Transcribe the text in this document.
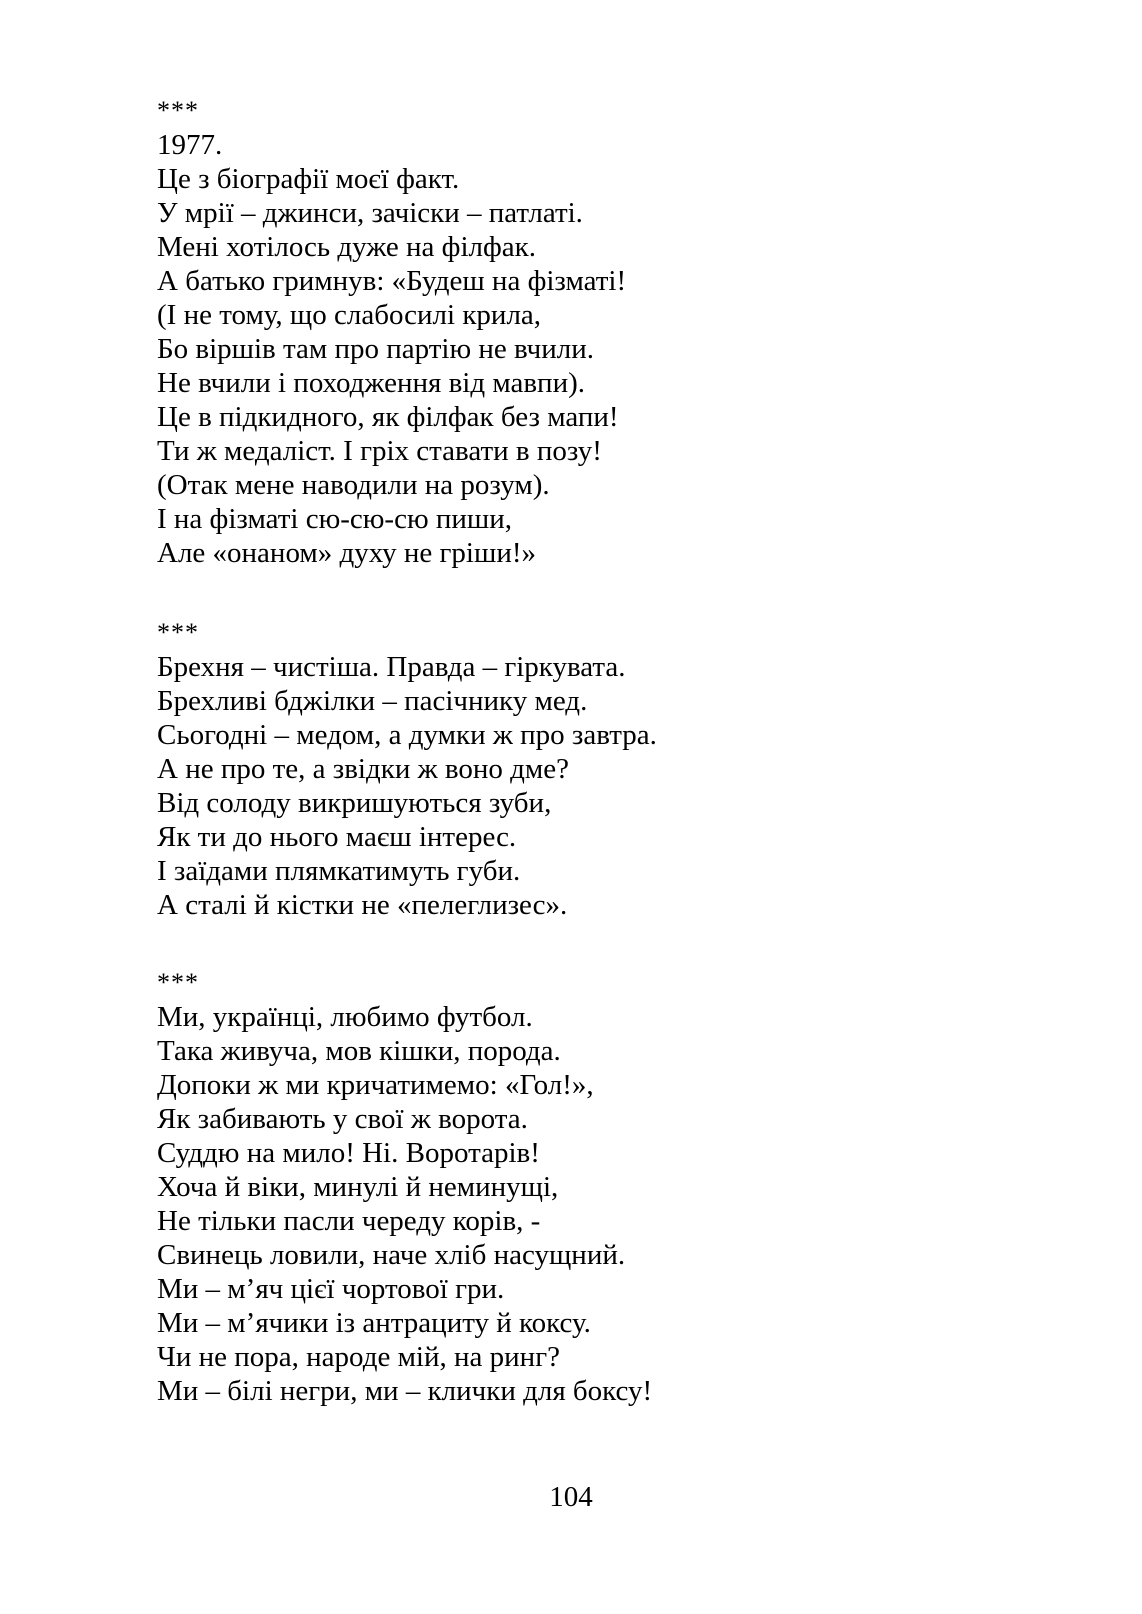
***
1977.
Це з біографії моєї факт.
У мрії – джинси, зачіски – патлаті.
Мені хотілось дуже на філфак.
А батько гримнув: «Будеш на фізматі!
(І не тому, що слабосилі крила,
Бо віршів там про партію не вчили.
Не вчили і походження від мавпи).
Це в підкидного, як філфак без мапи!
Ти ж медаліст. І гріх ставати в позу!
(Отак мене наводили на розум).
І на фізматі сю-сю-сю пиши,
Але «онаном» духу не гріши!»
***
Брехня – чистіша. Правда – гіркувата.
Брехливі бджілки – пасічнику мед.
Сьогодні – медом, а думки ж про завтра.
А не про те, а звідки ж воно дме?
Від солоду викришуються зуби,
Як ти до нього маєш інтерес.
І заїдами плямкатимуть губи.
А сталі й кістки не «пелеглизес».
***
Ми, українці, любимо футбол.
Така живуча, мов кішки, порода.
Допоки ж ми кричатимемо: «Гол!»,
Як забивають у свої ж ворота.
Суддю на мило! Ні. Воротарів!
Хоча й віки, минулі й неминущі,
Не тільки пасли череду корів, -
Свинець ловили, наче хліб насущний.
Ми – м’яч цієї чортової гри.
Ми – м’ячики із антрациту й коксу.
Чи не пора, народе мій, на ринг?
Ми – білі негри, ми – клички для боксу!
104
